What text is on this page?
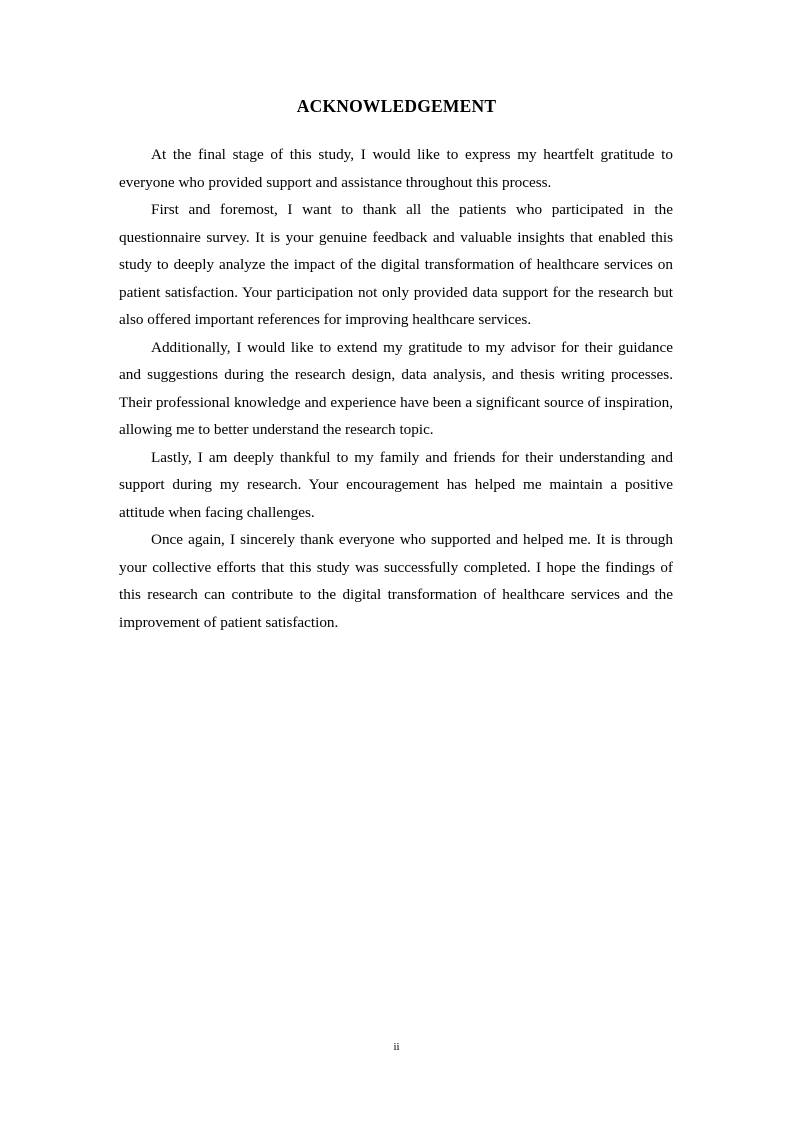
ACKNOWLEDGEMENT

At the final stage of this study, I would like to express my heartfelt gratitude to everyone who provided support and assistance throughout this process.

First and foremost, I want to thank all the patients who participated in the questionnaire survey. It is your genuine feedback and valuable insights that enabled this study to deeply analyze the impact of the digital transformation of healthcare services on patient satisfaction. Your participation not only provided data support for the research but also offered important references for improving healthcare services.

Additionally, I would like to extend my gratitude to my advisor for their guidance and suggestions during the research design, data analysis, and thesis writing processes. Their professional knowledge and experience have been a significant source of inspiration, allowing me to better understand the research topic.

Lastly, I am deeply thankful to my family and friends for their understanding and support during my research. Your encouragement has helped me maintain a positive attitude when facing challenges.

Once again, I sincerely thank everyone who supported and helped me. It is through your collective efforts that this study was successfully completed. I hope the findings of this research can contribute to the digital transformation of healthcare services and the improvement of patient satisfaction.

ii
